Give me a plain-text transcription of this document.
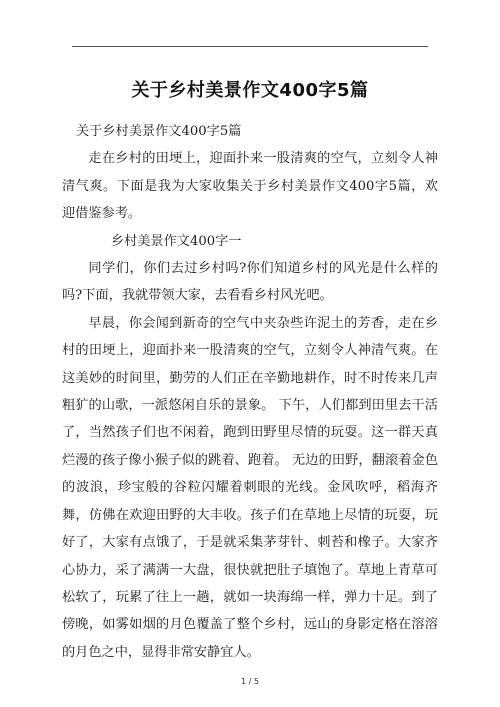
关于乡村美景作文400字5篇

关于乡村美景作文400字5篇

走在乡村的田埂上，迎面扑来一股清爽的空气，立刻令人神清气爽。下面是我为大家收集关于乡村美景作文400字5篇，欢迎借鉴参考。

乡村美景作文400字一

同学们，你们去过乡村吗?你们知道乡村的风光是什么样的吗?下面，我就带领大家，去看看乡村风光吧。

早晨，你会闻到新奇的空气中夹杂些许泥土的芳香，走在乡村的田埂上，迎面扑来一股清爽的空气，立刻令人神清气爽。在这美妙的时间里，勤劳的人们正在辛勤地耕作，时不时传来几声粗犷的山歌，一派悠闲自乐的景象。 下午，人们都到田里去干活了，当然孩子们也不闲着，跑到田野里尽情的玩耍。这一群天真烂漫的孩子像小猴子似的跳着、跑着。 无边的田野，翻滚着金色的波浪，珍宝般的谷粒闪耀着刺眼的光线。金风吹呼，稻海齐舞，仿佛在欢迎田野的大丰收。孩子们在草地上尽情的玩耍，玩好了，大家有点饿了，于是就采集茅芽针、刺苔和橡子。大家齐心协力，采了满满一大盘，很快就把肚子填饱了。草地上青草可松软了，玩累了往上一趟，就如一块海绵一样，弹力十足。到了傍晚，如雾如烟的月色覆盖了整个乡村，远山的身影定格在溶溶的月色之中，显得非常安静宜人。

1 / 5
